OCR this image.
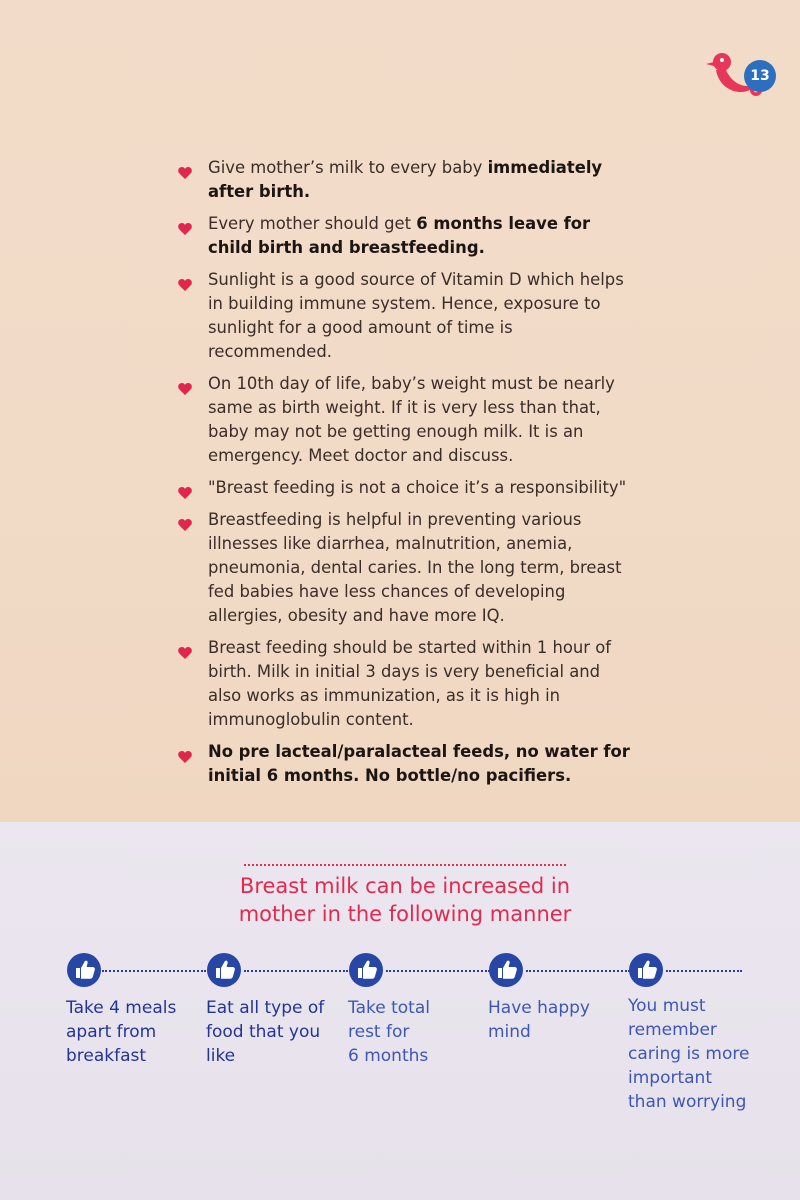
13
Give mother’s milk to every baby immediately after birth.
Every mother should get 6 months leave for child birth and breastfeeding.
Sunlight is a good source of Vitamin D which helps in building immune system. Hence, exposure to sunlight for a good amount of time is recommended.
On 10th day of life, baby’s weight must be nearly same as birth weight. If it is very less than that, baby may not be getting enough milk. It is an emergency. Meet doctor and discuss.
"Breast feeding is not a choice it’s a responsibility"
Breastfeeding is helpful in preventing various illnesses like diarrhea, malnutrition, anemia, pneumonia, dental caries. In the long term, breast fed babies have less chances of developing allergies, obesity and have more IQ.
Breast feeding should be started within 1 hour of birth. Milk in initial 3 days is very beneficial and also works as immunization, as it is high in immunoglobulin content.
No pre lacteal/paralacteal feeds, no water for initial 6 months. No bottle/no pacifiers.
Breast milk can be increased in
mother in the following manner
Take 4 meals
apart from
breakfast
Eat all type of
food that you
like
Take total
rest for
6 months
Have happy
mind
You must
remember
caring is more
important
than worrying
